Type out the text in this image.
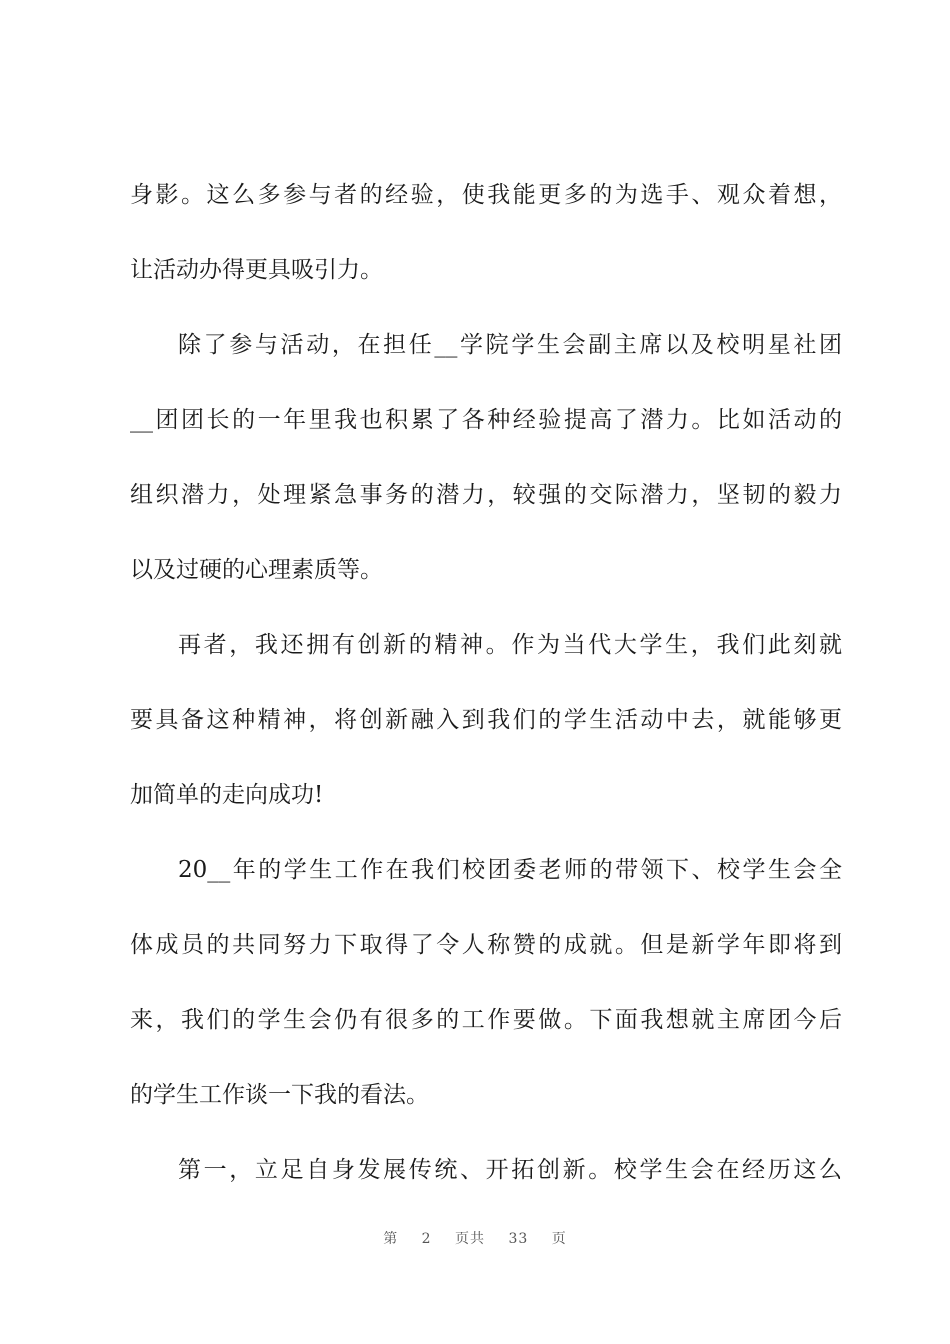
身影。这么多参与者的经验，使我能更多的为选手、观众着想，
让活动办得更具吸引力。
除了参与活动，在担任__学院学生会副主席以及校明星社团
__团团长的一年里我也积累了各种经验提高了潜力。比如活动的
组织潜力，处理紧急事务的潜力，较强的交际潜力，坚韧的毅力
以及过硬的心理素质等。
再者，我还拥有创新的精神。作为当代大学生，我们此刻就
要具备这种精神，将创新融入到我们的学生活动中去，就能够更
加简单的走向成功!
20__年的学生工作在我们校团委老师的带领下、校学生会全
体成员的共同努力下取得了令人称赞的成就。但是新学年即将到
来，我们的学生会仍有很多的工作要做。下面我想就主席团今后
的学生工作谈一下我的看法。
第一，立足自身发展传统、开拓创新。校学生会在经历这么
第 2 页共 33 页
